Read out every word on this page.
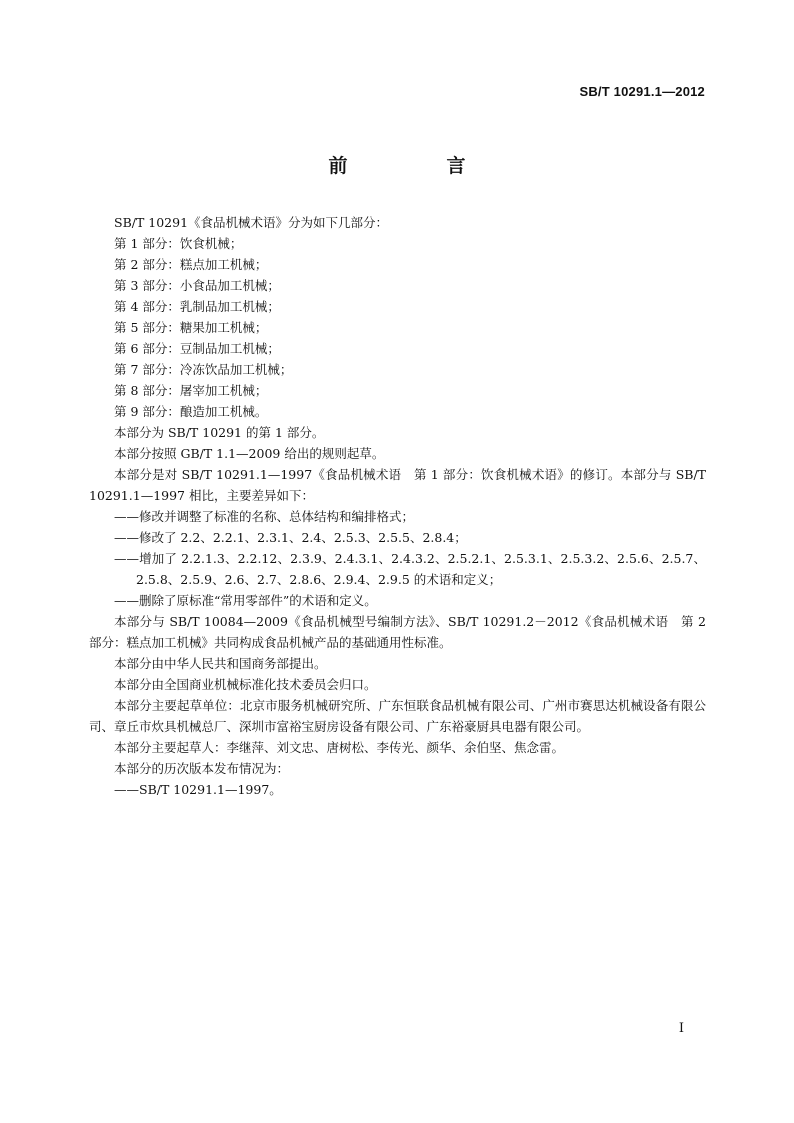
SB/T 10291.1—2012
前　言

SB/T 10291《食品机械术语》分为如下几部分：

第 1 部分：饮食机械；

第 2 部分：糕点加工机械；

第 3 部分：小食品加工机械；

第 4 部分：乳制品加工机械；

第 5 部分：糖果加工机械；

第 6 部分：豆制品加工机械；

第 7 部分：冷冻饮品加工机械；

第 8 部分：屠宰加工机械；

第 9 部分：酿造加工机械。

本部分为 SB/T 10291 的第 1 部分。

本部分按照 GB/T 1.1—2009 给出的规则起草。

本部分是对 SB/T 10291.1—1997《食品机械术语　第 1 部分：饮食机械术语》的修订。本部分与 SB/T 10291.1—1997 相比，主要差异如下：

——修改并调整了标准的名称、总体结构和编排格式；

——修改了 2.2、2.2.1、2.3.1、2.4、2.5.3、2.5.5、2.8.4；

——增加了 2.2.1.3、2.2.12、2.3.9、2.4.3.1、2.4.3.2、2.5.2.1、2.5.3.1、2.5.3.2、2.5.6、2.5.7、2.5.8、2.5.9、2.6、2.7、2.8.6、2.9.4、2.9.5 的术语和定义；

——删除了原标准“常用零部件”的术语和定义。

本部分与 SB/T 10084—2009《食品机械型号编制方法》、SB/T 10291.2－2012《食品机械术语　第 2 部分：糕点加工机械》共同构成食品机械产品的基础通用性标准。

本部分由中华人民共和国商务部提出。

本部分由全国商业机械标准化技术委员会归口。

本部分主要起草单位：北京市服务机械研究所、广东恒联食品机械有限公司、广州市赛思达机械设备有限公司、章丘市炊具机械总厂、深圳市富裕宝厨房设备有限公司、广东裕豪厨具电器有限公司。

本部分主要起草人：李继萍、刘文忠、唐树松、李传光、颜华、余伯坚、焦念雷。

本部分的历次版本发布情况为：

——SB/T 10291.1—1997。

I
